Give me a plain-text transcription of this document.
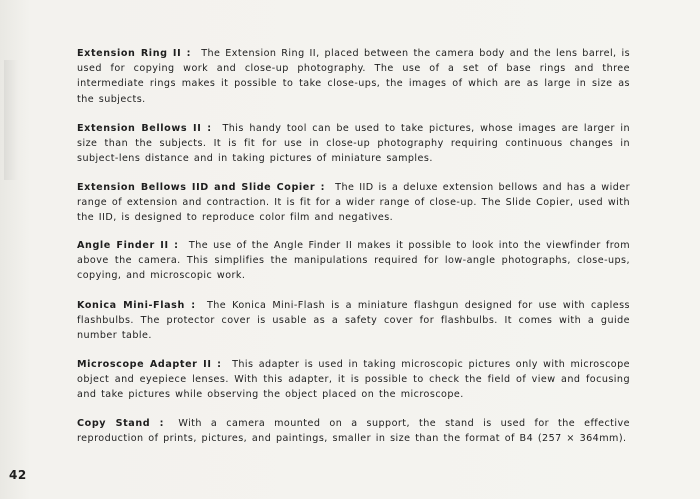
Extension Ring II :  The Extension Ring II, placed between the camera body and the lens barrel, is used for copying work and close-up photography. The use of a set of base rings and three intermediate rings makes it possible to take close-ups, the images of which are as large in size as the subjects.

Extension Bellows II :  This handy tool can be used to take pictures, whose images are larger in size than the subjects. It is fit for use in close-up photography requiring continuous changes in subject-lens distance and in taking pictures of miniature samples.

Extension Bellows IID and Slide Copier :  The IID is a deluxe extension bellows and has a wider range of extension and contraction. It is fit for a wider range of close-up. The Slide Copier, used with the IID, is designed to reproduce color film and negatives.

Angle Finder II :  The use of the Angle Finder II makes it possible to look into the viewfinder from above the camera. This simplifies the manipulations required for low-angle photographs, close-ups, copying, and microscopic work.

Konica Mini-Flash :  The Konica Mini-Flash is a miniature flashgun designed for use with capless flashbulbs. The protector cover is usable as a safety cover for flashbulbs. It comes with a guide number table.

Microscope Adapter II :  This adapter is used in taking microscopic pictures only with microscope object and eyepiece lenses. With this adapter, it is possible to check the field of view and focusing and take pictures while observing the object placed on the microscope.

Copy Stand :  With a camera mounted on a support, the stand is used for the effective reproduction of prints, pictures, and paintings, smaller in size than the format of B4 (257 × 364mm).

42
